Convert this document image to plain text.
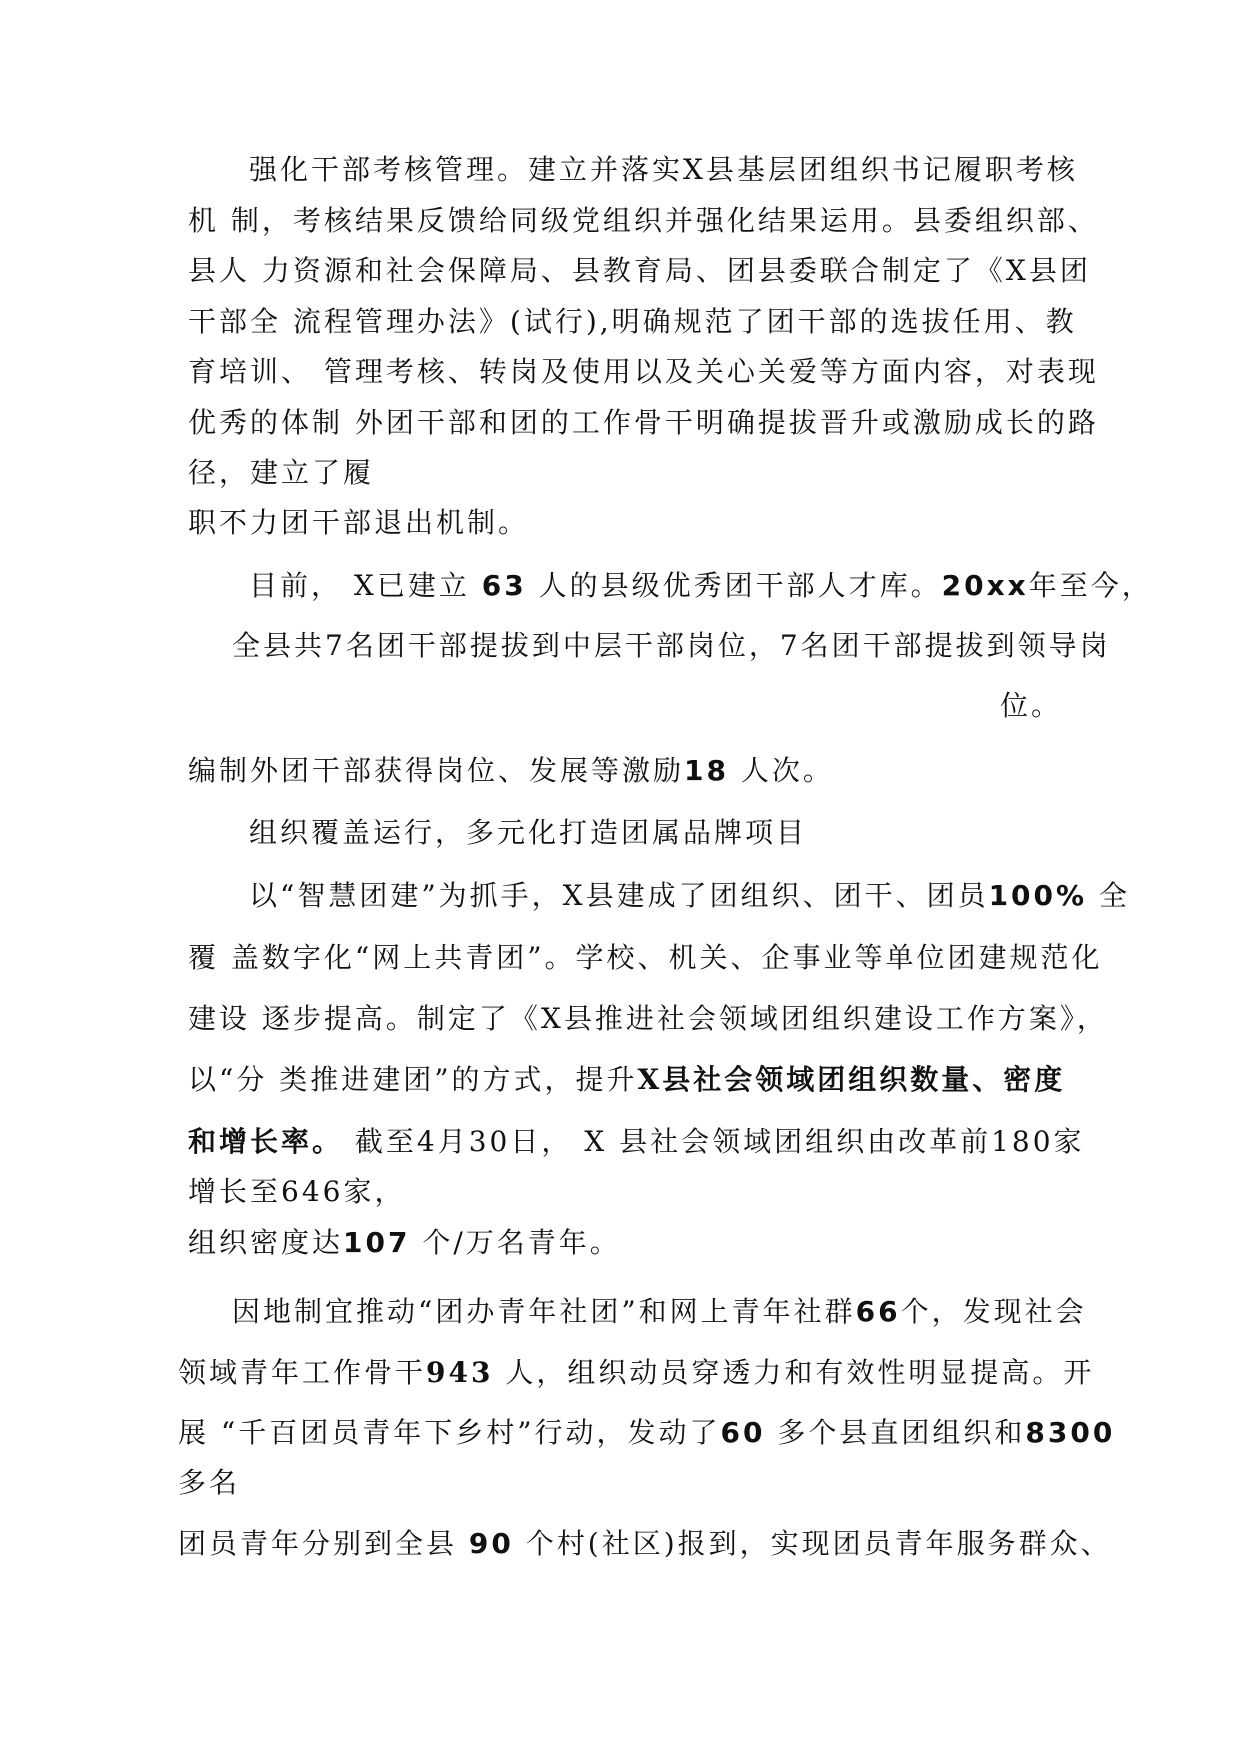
强化干部考核管理。建立并落实X县基层团组织书记履职考核
机 制，考核结果反馈给同级党组织并强化结果运用。县委组织部、
县人 力资源和社会保障局、县教育局、团县委联合制定了《X县团
干部全 流程管理办法》(试行),明确规范了团干部的选拔任用、教
育培训、 管理考核、转岗及使用以及关心关爱等方面内容，对表现
优秀的体制 外团干部和团的工作骨干明确提拔晋升或激励成长的路
径，建立了履
职不力团干部退出机制。
目前， X已建立 63 人的县级优秀团干部人才库。20xx年至今，
全县共7名团干部提拔到中层干部岗位，7名团干部提拔到领导岗
位。
编制外团干部获得岗位、发展等激励18 人次。
组织覆盖运行，多元化打造团属品牌项目
以“智慧团建”为抓手，X县建成了团组织、团干、团员100% 全
覆 盖数字化“网上共青团”。学校、机关、企事业等单位团建规范化
建设 逐步提高。制定了《X县推进社会领域团组织建设工作方案》，
以“分 类推进建团”的方式，提升X县社会领域团组织数量、密度
和增长率。 截至4月30日， X 县社会领域团组织由改革前180家
增长至646家，
组织密度达107 个/万名青年。
因地制宜推动“团办青年社团”和网上青年社群66个，发现社会
领域青年工作骨干943 人，组织动员穿透力和有效性明显提高。开
展 “千百团员青年下乡村”行动，发动了60 多个县直团组织和8300
多名
团员青年分别到全县 90 个村(社区)报到，实现团员青年服务群众、
